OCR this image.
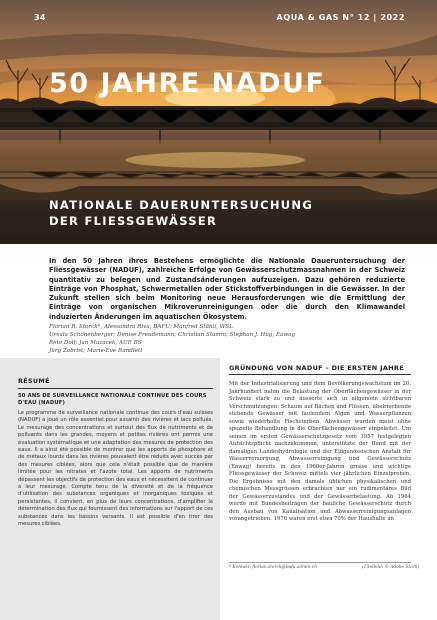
34	AQUA & GAS N° 12 | 2022
50 JAHRE NADUF
NATIONALE DAUERUNTERSUCHUNG
DER FLIESSGEWÄSSER

In den 50 Jahren ihres Bestehens ermöglichte die Nationale Daueruntersuchung der Fliessgewässer (NADUF), zahlreiche Erfolge von Gewässerschutzmassnahmen in der Schweiz quantitativ zu belegen und Zustandsänderungen aufzuzeigen. Dazu gehören reduzierte Einträge von Phosphat, Schwermetallen oder Stickstoffverbindungen in die Gewässer. In der Zukunft stellen sich beim Monitoring neue Herausforderungen wie die Ermittlung der Einträge von organischen Mikroverunreinigungen oder die durch den Klimawandel induzierten Änderungen im aquatischen Ökosystem.

Florian R. Storck*, Alessandra Riva, BAFU; Manfred Stähli, WSL
Ursula Schönenberger; Denise Freudemann; Christian Stamm; Stephan J. Hug, Eawag
Reto Dolf; Jan Mazacek, AUE BS
Jürg Zobrist; Marie-Ève Randlett
RÉSUMÉ
50 ANS DE SURVEILLANCE NATIONALE CONTINUE DES COURS D'EAU (NADUF)

Le programme de surveillance nationale continue des cours d'eau suisses (NADUF) a joué un rôle essentiel pour assainir des rivières et lacs pollués. Le mesurage des concentrations et surtout des flux de nutriments et de polluants dans les grandes, moyens et petites rivières ont permis une évaluation systématique et une adaptation des mesures de protection des eaux. Il a ainsi été possible de montrer que les apports de phosphore et de métaux lourds dans les rivières pouvaient être réduits avec succès par des mesures ciblées, alors que cela n'était possible que de manière limitée pour les nitrates et l'azote total. Les apports de nutriments dépassent les objectifs de protection des eaux et nécessitent de continuer à leur mesurage. Compte tenu de la diversité et de la fréquence d'utilisation des substances organiques et inorganiques toxiques et persistantes, il convient, en plus de leurs concentrations, d'amplifier la détermination des flux qui fournissent des informations sur l'apport de ces substances dans les bassins versants. Il est possible d'en tirer des mesures ciblées.

GRÜNDUNG VON NADUF – DIE ERSTEN JAHRE

Mit der Industrialisierung und dem Bevölkerungswachstum im 20. Jahrhundert nahm die Belastung der Oberflächengewässer in der Schweiz stark zu und äusserte sich in allgemein sichtbaren Verschmutzungen: Schaum auf Bächen und Flüssen, übelriechende stehende Gewässer mit faulendem Algen und Wasserpflanzen sowie wiederholte Fischsterben. Abwässer wurden meist ohne spezielle Behandlung in die Oberflächengewässer eingeleitet. Um seinen im ersten Gewässerschutzgesetz vom 1957 festgelegten Aufsichtspflicht nachzukommen, unterstützte der Bund mit der damaligen Landeshydrologie und der Eidgenössischen Anstalt für Wasserversorgung, Abwasserreinigung und Gewässerschutz (Eawag) bereits in den 1960er-Jahren grosse und wichtige Fliessgewässer der Schweiz mittels vier jährlichen Einzelproben. Die Ergebnisse mit den damals üblichen physikalischen und chemischen Messgrössen erbrachten nur ein rudimentäres Bild der Gewässerzustandes und der Gewässerbelastung. Ab 1964 wurde mit Bundesbeiträgen der bauliche Gewässerschutz durch den Ausbau von Kanalisation und Abwasserreinigungsanlagen vorangetrieben. 1976 waren erst etwa 70% der Haushalte an

* Kontakt: florian.storck@bafu.admin.ch	(Titelbild: © Adobe Stock)
